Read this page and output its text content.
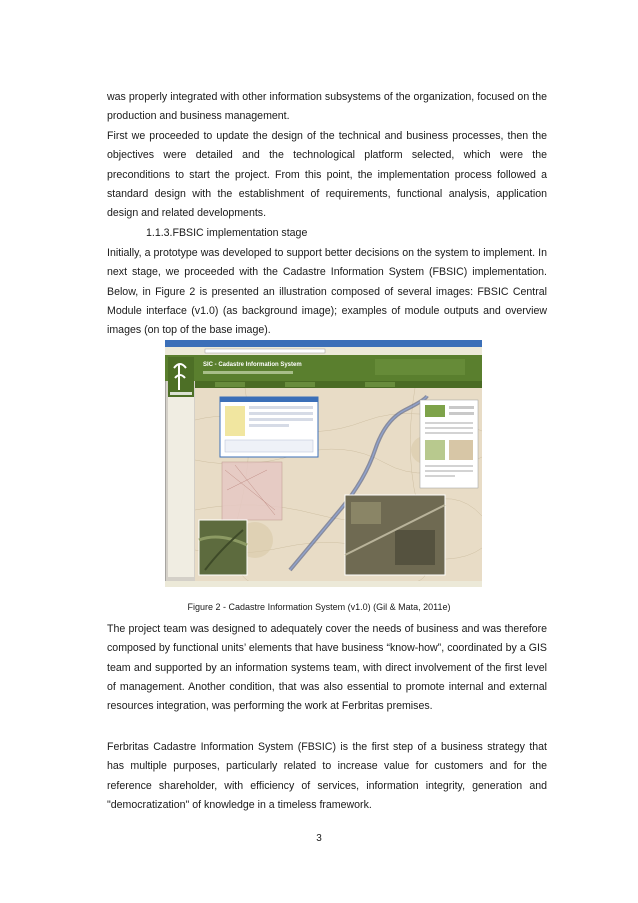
was properly integrated with other information subsystems of the organization, focused on the production and business management.

First we proceeded to update the design of the technical and business processes, then the objectives were detailed and the technological platform selected, which were the preconditions to start the project. From this point, the implementation process followed a standard design with the establishment of requirements, functional analysis, application design and related developments.

1.1.3.FBSIC implementation stage

Initially, a prototype was developed to support better decisions on the system to implement. In next stage, we proceeded with the Cadastre Information System (FBSIC) implementation. Below, in Figure 2 is presented an illustration composed of several images: FBSIC Central Module interface (v1.0) (as background image); examples of module outputs and overview images (on top of the base image).

SIC - Cadastre Information System

Figure 2 - Cadastre Information System (v1.0) (Gil & Mata, 2011e)

The project team was designed to adequately cover the needs of business and was therefore composed by functional units’ elements that have business “know-how”, coordinated by a GIS team and supported by an information systems team, with direct involvement of the first level of management. Another condition, that was also essential to promote internal and external resources integration, was performing the work at Ferbritas premises.

Ferbritas Cadastre Information System (FBSIC) is the first step of a business strategy that has multiple purposes, particularly related to increase value for customers and for the reference shareholder, with efficiency of services, information integrity, generation and "democratization" of knowledge in a timeless framework.

3
